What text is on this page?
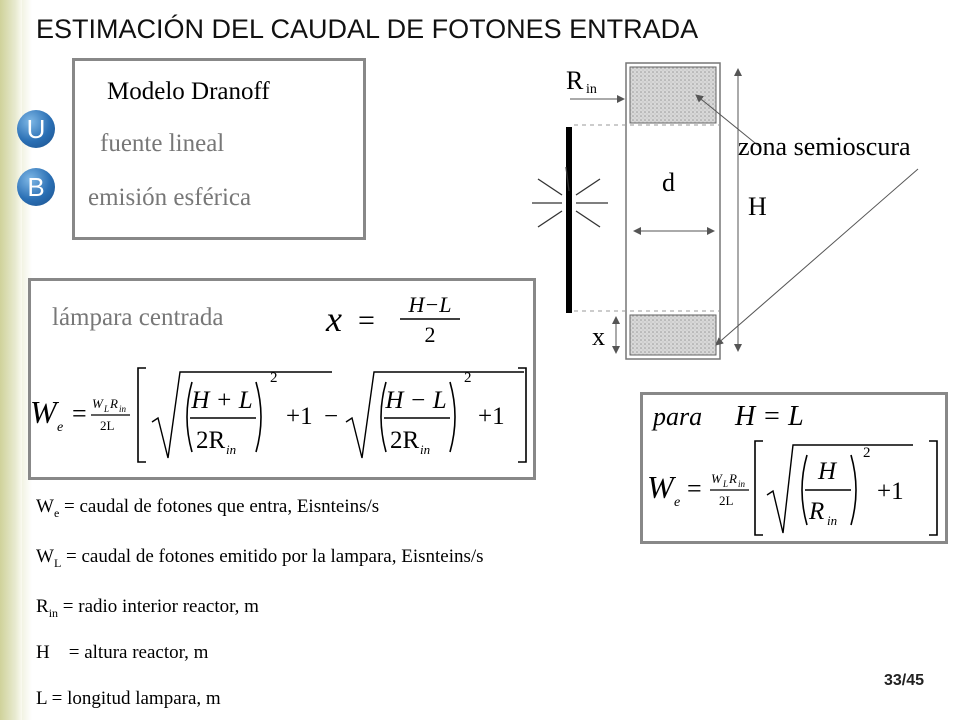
ESTIMACIÓN DEL CAUDAL DE FOTONES ENTRADA
U
B
Modelo Dranoff
fuente lineal
emisión esférica
lámpara centrada	x = H−L
2
W e = W L R in
2L
H + L
2R in
2
+1 −
H − L
2R in
2
+1	para H = L
W e = W L R in
2L
H
R in
2
+1
R in
d
H
x
zona semioscura
$W_e$ = caudal de fotones que entra, Eisnteins/s
$W_L$ = caudal de fotones emitido por la lampara, Eisnteins/s
$R_{in}$ = radio interior reactor, m
H    = altura reactor, m
L = longitud lampara, m
33/45
